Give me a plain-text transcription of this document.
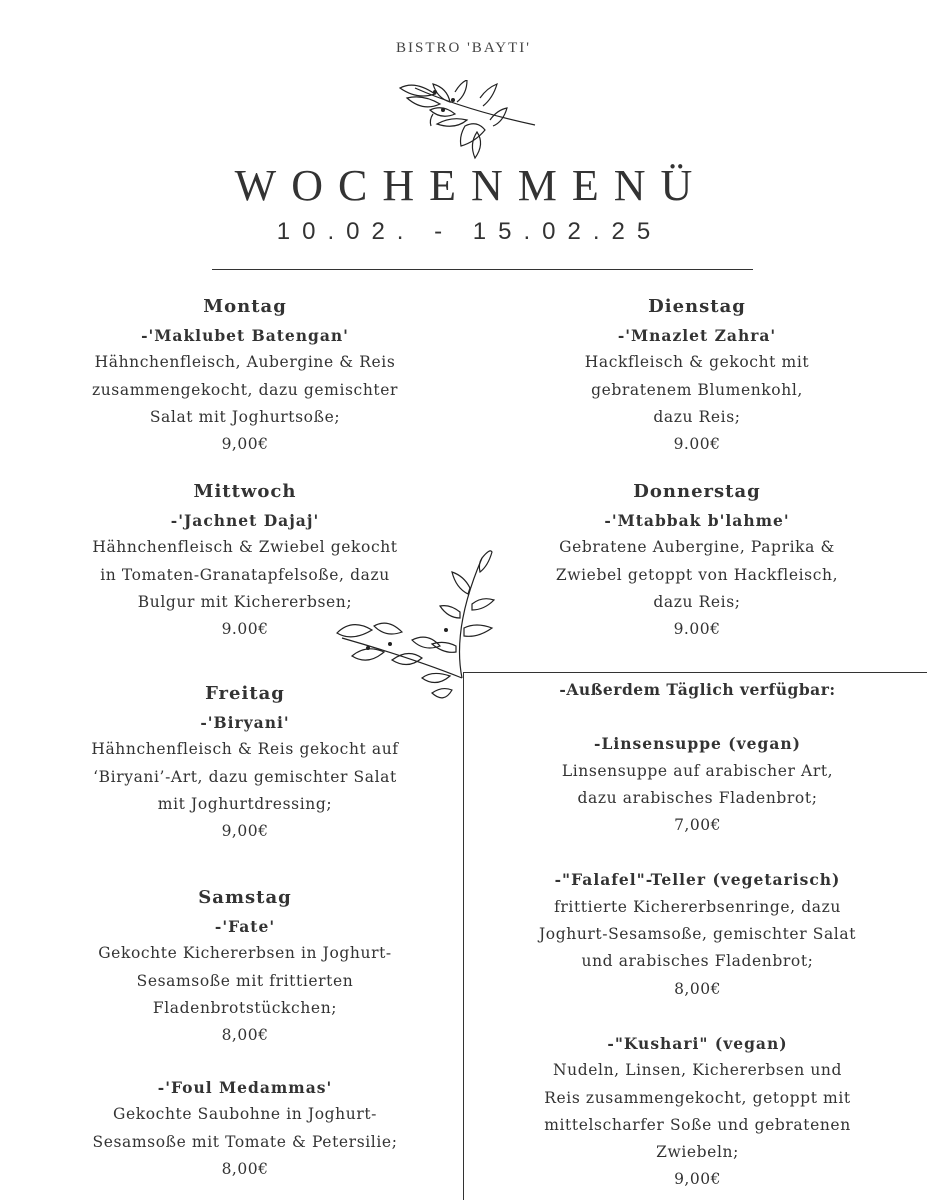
BISTRO 'BAYTI'
WOCHENMENÜ
10.02. - 15.02.25
Montag
-'Maklubet Batengan'
Hähnchenfleisch, Aubergine & Reis
zusammengekocht, dazu gemischter
Salat mit Joghurtsoße;
9,00€
Mittwoch
-'Jachnet Dajaj'
Hähnchenfleisch & Zwiebel gekocht
in Tomaten-Granatapfelsoße, dazu
Bulgur mit Kichererbsen;
9.00€
Freitag
-'Biryani'
Hähnchenfleisch & Reis gekocht auf
‘Biryani’-Art, dazu gemischter Salat
mit Joghurtdressing;
9,00€
Samstag
-'Fate'
Gekochte Kichererbsen in Joghurt-
Sesamsoße mit frittierten
Fladenbrotstückchen;
8,00€
-'Foul Medammas'
Gekochte Saubohne in Joghurt-
Sesamsoße mit Tomate & Petersilie;
8,00€
Dienstag
-'Mnazlet Zahra'
Hackfleisch & gekocht mit
gebratenem Blumenkohl,
dazu Reis;
9.00€
Donnerstag
-'Mtabbak b'lahme'
Gebratene Aubergine, Paprika &
Zwiebel getoppt von Hackfleisch,
dazu Reis;
9.00€
-Außerdem Täglich verfügbar:
-Linsensuppe (vegan)
Linsensuppe auf arabischer Art,
dazu arabisches Fladenbrot;
7,00€
-"Falafel"-Teller (vegetarisch)
frittierte Kichererbsenringe, dazu
Joghurt-Sesamsoße, gemischter Salat
und arabisches Fladenbrot;
8,00€
-"Kushari" (vegan)
Nudeln, Linsen, Kichererbsen und
Reis zusammengekocht, getoppt mit
mittelscharfer Soße und gebratenen
Zwiebeln;
9,00€
